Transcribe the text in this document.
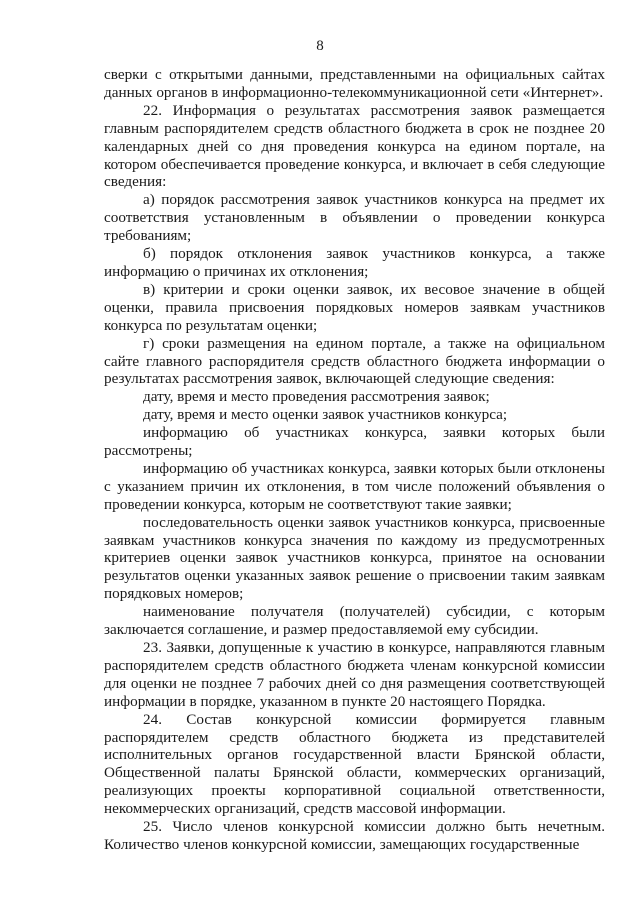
8

сверки с открытыми данными, представленными на официальных сайтах данных органов в информационно-телекоммуникационной сети «Интернет».

22. Информация о результатах рассмотрения заявок размещается главным распорядителем средств областного бюджета в срок не позднее 20 календарных дней со дня проведения конкурса на едином портале, на котором обеспечивается проведение конкурса, и включает в себя следующие сведения:

а) порядок рассмотрения заявок участников конкурса на предмет их соответствия установленным в объявлении о проведении конкурса требованиям;

б) порядок отклонения заявок участников конкурса, а также информацию о причинах их отклонения;

в) критерии и сроки оценки заявок, их весовое значение в общей оценки, правила присвоения порядковых номеров заявкам участников конкурса по результатам оценки;

г) сроки размещения на едином портале, а также на официальном сайте главного распорядителя средств областного бюджета информации о результатах рассмотрения заявок, включающей следующие сведения:

дату, время и место проведения рассмотрения заявок;

дату, время и место оценки заявок участников конкурса;

информацию об участниках конкурса, заявки которых были рассмотрены;

информацию об участниках конкурса, заявки которых были отклонены с указанием причин их отклонения, в том числе положений объявления о проведении конкурса, которым не соответствуют такие заявки;

последовательность оценки заявок участников конкурса, присвоенные заявкам участников конкурса значения по каждому из предусмотренных критериев оценки заявок участников конкурса, принятое на основании результатов оценки указанных заявок решение о присвоении таким заявкам порядковых номеров;

наименование получателя (получателей) субсидии, с которым заключается соглашение, и размер предоставляемой ему субсидии.

23. Заявки, допущенные к участию в конкурсе, направляются главным распорядителем средств областного бюджета членам конкурсной комиссии для оценки не позднее 7 рабочих дней со дня размещения соответствующей информации в порядке, указанном в пункте 20 настоящего Порядка.

24. Состав конкурсной комиссии формируется главным распорядителем средств областного бюджета из представителей исполнительных органов государственной власти Брянской области, Общественной палаты Брянской области, коммерческих организаций, реализующих проекты корпоративной социальной ответственности, некоммерческих организаций, средств массовой информации.

25. Число членов конкурсной комиссии должно быть нечетным. Количество членов конкурсной комиссии, замещающих государственные
